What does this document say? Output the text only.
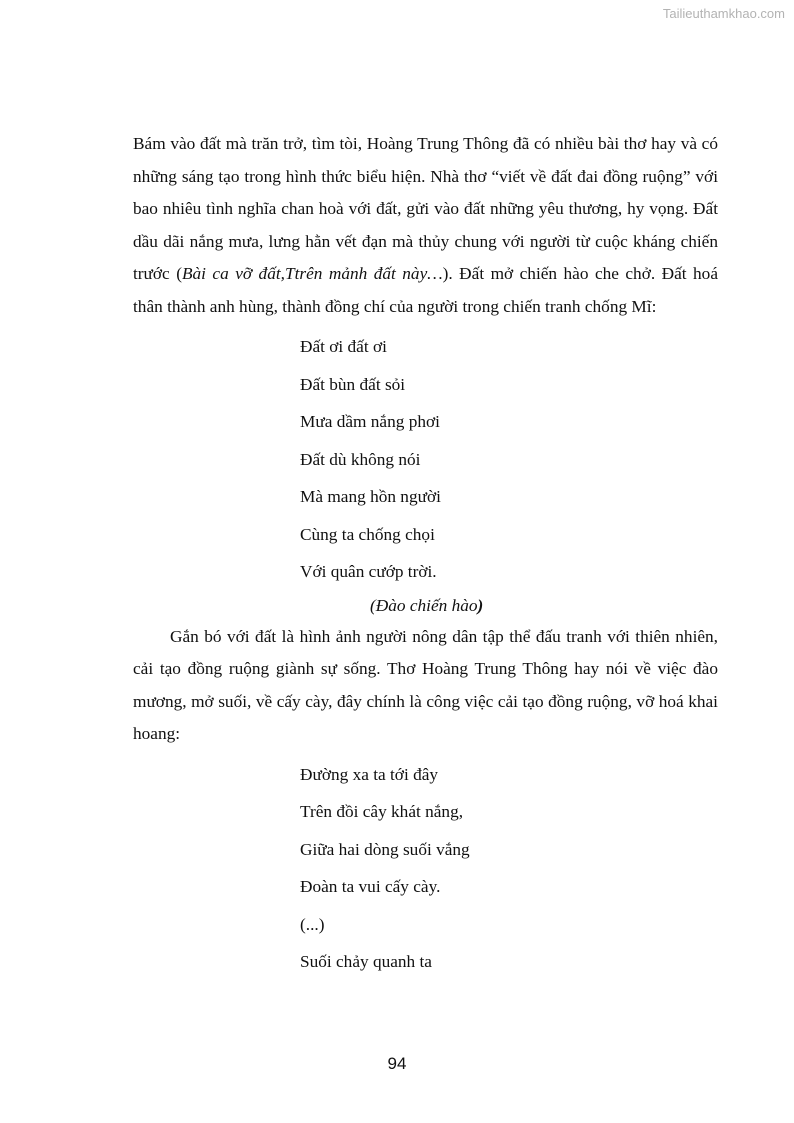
Tailieuthamkhao.com

Bám vào đất mà trăn trở, tìm tòi, Hoàng Trung Thông đã có nhiều bài thơ hay và có những sáng tạo trong hình thức biểu hiện. Nhà thơ “viết về đất đai đồng ruộng” với bao nhiêu tình nghĩa chan hoà với đất, gửi vào đất những yêu thương, hy vọng. Đất dầu dãi nắng mưa, lưng hằn vết đạn mà thủy chung với người từ cuộc kháng chiến trước (Bài ca vỡ đất,Ttrên mảnh đất này…). Đất mở chiến hào che chở. Đất hoá thân thành anh hùng, thành đồng chí của người trong chiến tranh chống Mĩ:

Đất ơi đất ơi
Đất bùn đất sỏi
Mưa dầm nắng phơi
Đất dù không nói
Mà mang hồn người
Cùng ta chống chọi
Với quân cướp trời.

(Đào chiến hào)

Gắn bó với đất là hình ảnh người nông dân tập thể đấu tranh với thiên nhiên, cải tạo đồng ruộng giành sự sống. Thơ Hoàng Trung Thông hay nói về việc đào mương, mở suối, về cấy cày, đây chính là công việc cải tạo đồng ruộng, vỡ hoá khai hoang:

Đường xa ta tới đây
Trên đồi cây khát nắng,
Giữa hai dòng suối vắng
Đoàn ta vui cấy cày.
(...)
Suối chảy quanh ta
94
